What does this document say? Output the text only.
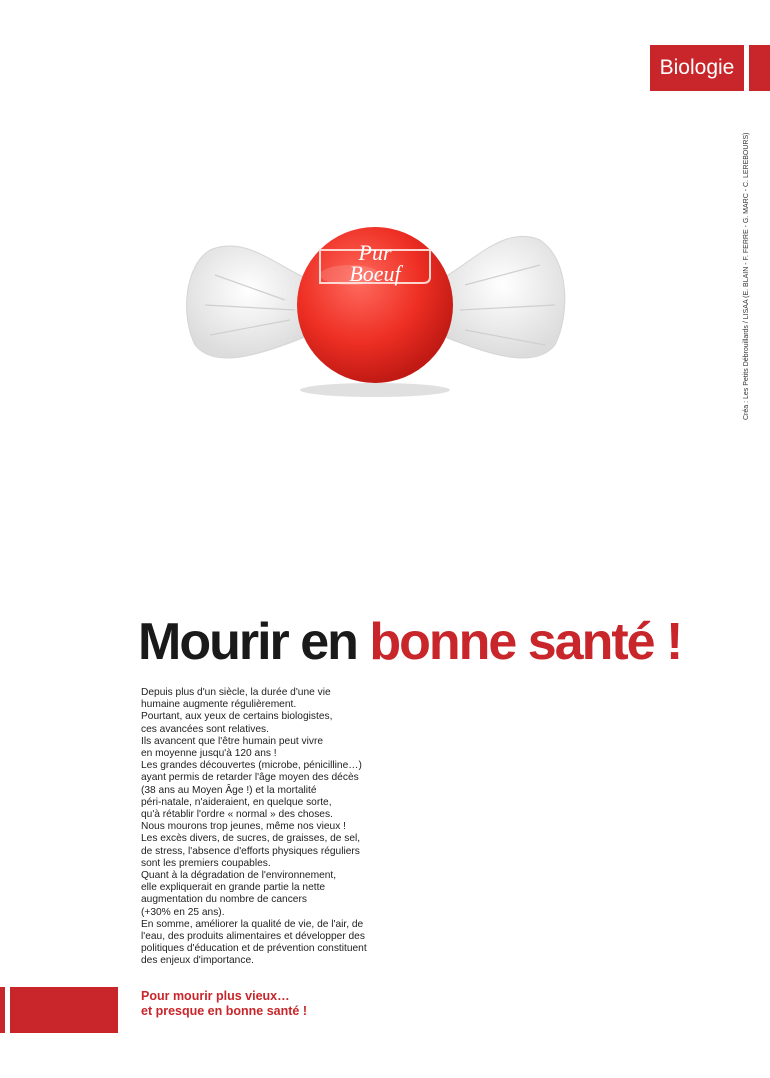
Biologie
Créa : Les Petits Débrouillards / LISAA (E. BLAIN - F. FERRE - G. MARC - C. LEREBOURS)
Pur
Boeuf
Mourir en bonne santé !

Depuis plus d'un siècle, la durée d'une vie

humaine augmente régulièrement.

Pourtant, aux yeux de certains biologistes,

ces avancées sont relatives.

Ils avancent que l'être humain peut vivre

en moyenne jusqu'à 120 ans !

Les grandes découvertes (microbe, pénicilline…)

ayant permis de retarder l'âge moyen des décès

(38 ans au Moyen Âge !) et la mortalité

péri-natale, n'aideraient, en quelque sorte,

qu'à rétablir l'ordre « normal » des choses.

Nous mourons trop jeunes, même nos vieux !

Les excès divers, de sucres, de graisses, de sel,

de stress, l'absence d'efforts physiques réguliers

sont les premiers coupables.

Quant à la dégradation de l'environnement,

elle expliquerait en grande partie la nette

augmentation du nombre de cancers

(+30% en 25 ans).

En somme, améliorer la qualité de vie, de l'air, de

l'eau, des produits alimentaires et développer des

politiques d'éducation et de prévention constituent

des enjeux d'importance.

Pour mourir plus vieux…
et presque en bonne santé !
